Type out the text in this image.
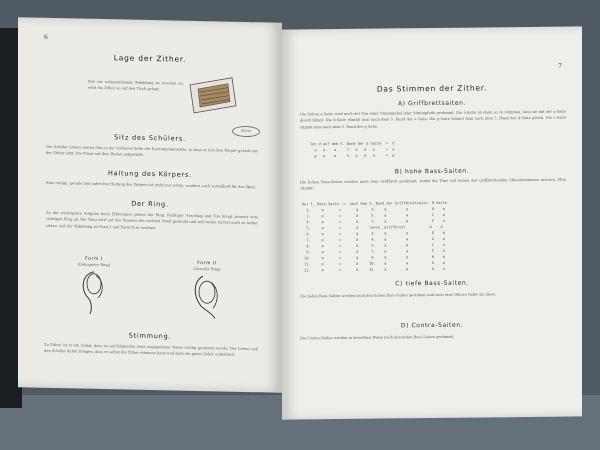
6
Lage der Zither.
Wie wir nebenstehende Abbildung zu ersehen ist, wird die Zither so auf den Tisch gelegt.
Zither
Sitz des Schülers.
Der Schüler nimmt seinen Sitz an der vorderen Seite der Instrumentenmitte, so dass er mit dem Körper gerade vor der Zither sitzt. Die Füsse auf dem Boden aufgestellt.
Haltung des Körpers.
Eine ruhige, gerade und aufrechte Haltung des Körpers ist nicht nur schön, sondern auch vorteilhaft für das Spiel.
Der Ring.
Zu der wichtigsten Aufgabe beim Zitherspiel gehört der Ring. Richtiger Anschlag und Ton hängt zumeist vom richtigen Ring ab. Der Ring wird auf den Daumen der rechten Hand gesteckt und soll weder zu fest noch zu locker sitzen. Auf der Abbildung ist Form I und Form II zu ersehen.
Form I
(Gebogener Ring)	Form II
(Gerader Ring)
Stimmung.
Zu Zither ist es ein Gebot, dass sie auf folgenden Seite angegebener Weise richtig gestimmt werde. Der Lehrer soll den Schüler dahin bringen, dass er selbst die Zither stimmen kann und dazu ein gutes Gehör entwickelt.
7
Das Stimmen der Zither.
A) Griffbrettsaiten.
Die Saiten a-Saite wird nach der Ton einer Stimmgabel oder Stimmpfeife gestimmt. Die a-Saite ist dann so zu stimmen, dass sie mit der a-Saite gleich klingt. Die d-Saite stimmt man nach dem 5. Bund der a-Saite. Die g-Saite stimmt man nach dem 5. Bund der d-Saite gleich. Die c-Saite stimmt man nach dem 5. Bund der g-Saite.
Ton d auf dem 5. Bund der a-Saite  =  d
a   a    a     7.  a   d   a     =  a
g   a    a     5.  a   d   a     =  g
B) hohe Bass-Saiten.
Die hohen Bass-Saiten werden nach dem Griffbrett gestimmt, wobei die Töne mit denen der Griffbrettsaiten übereinstimmen müssen. Man stimmt:
Der 1. Bass-Saite  =  nach dem 1. Bund der Griffbrettsaite  D-Saite
2.     a       =       a      3.    a         a           G    a
3.     a       =       a      5.    a         a           C    a
4.     a       =       a      7.    a         a           F    a
5.     a       =       a     leere  Griffbrett           A    a
6.     a       =       a      2.    a         a           D    a
7.     a       =       a      4.    a         a           G    a
8.     a       =       a      5.    a         a           C    a
9.     a       =       a      7.    a         a           F    a
10.     a       =       a      9.    a         a           H    a
11.     a       =       a     10.    a         a           E    a
12.     a       =       a     12.    a         a           A    a
C) tiefe Bass-Saiten.
Die tiefen Bass-Saiten werden nach den hohen Bass-Saiten gestimmt und zwar eine Oktave tiefer als diese.
D) Contra-Saiten.
Die Contra-Saiten werden in derselben Weise nach den tiefen Bass-Saiten gestimmt.
